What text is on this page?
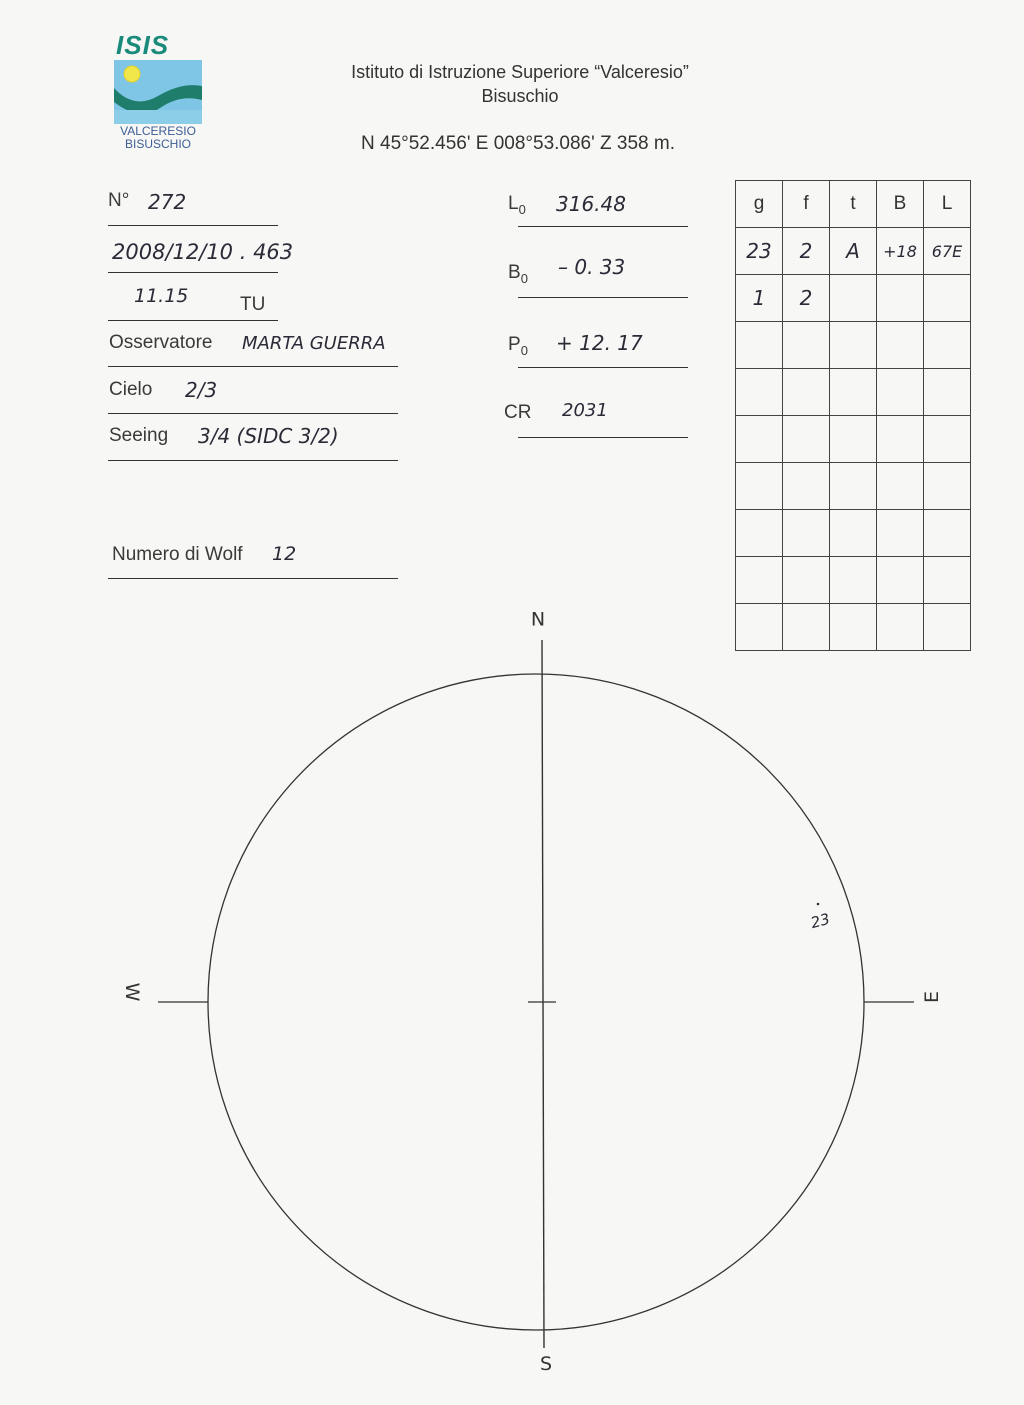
ISIS
VALCERESIO
BISUSCHIO
Istituto di Istruzione Superiore “Valceresio”
Bisuschio
N 45°52.456' E 008°53.086' Z 358 m.
N° 272
2008/12/10 . 463
11.15	TU
Osservatore MARTA GUERRA
Cielo 2/3
Seeing 3/4 (SIDC 3/2)
Numero di Wolf 12
$L_0$ 316.48
$B_0 - 0$. 33
$P_0 + 12$. 17
CR 2031
g	f	t	B	L
23	2	A	+18	67E
1	2			

N
S
W	E
23
